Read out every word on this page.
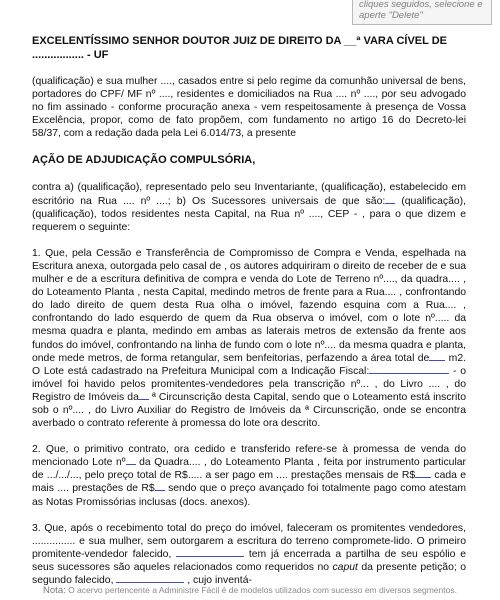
cliques seguidos, selecione e aperte "Delete"
EXCELENTÍSSIMO SENHOR DOUTOR JUIZ DE DIREITO DA __ª VARA CÍVEL DE
................. - UF

(qualificação) e sua mulher ...., casados entre si pelo regime da comunhão universal de bens, portadores do CPF/ MF nº ...., residentes e domiciliados na Rua .... nº ...., por seu advogado no fim assinado - conforme procuração anexa - vem respeitosamente à presença de Vossa Excelência, propor, como de fato propõem, com fundamento no artigo 16 do Decreto-lei 58/37, com a redação dada pela Lei 6.014/73, a presente

AÇÃO DE ADJUDICAÇÃO COMPULSÓRIA,

contra a) (qualificação), representado pelo seu Inventariante, (qualificação), estabelecido em escritório na Rua .... nº ....; b) Os Sucessores universais de que são: (qualificação), (qualificação), todos residentes nesta Capital, na Rua nº ...., CEP - , para o que dizem e requerem o seguinte:

1. Que, pela Cessão e Transferência de Compromisso de Compra e Venda, espelhada na Escritura anexa, outorgada pelo casal de , os autores adquiriram o direito de receber de e sua mulher e de a escritura definitiva de compra e venda do Lote de Terreno nº...., da quadra.... , do Loteamento Planta , nesta Capital, medindo metros de frente para a Rua.... , confrontando do lado direito de quem desta Rua olha o imóvel, fazendo esquina com a Rua.... , confrontando do lado esquerdo de quem da Rua observa o imóvel, com o lote nº..... da mesma quadra e planta, medindo em ambas as laterais metros de extensão da frente aos fundos do imóvel, confrontando na linha de fundo com o lote nº.... da mesma quadra e planta, onde mede metros, de forma retangular, sem benfeitorias, perfazendo a área total de m2. O Lote está cadastrado na Prefeitura Municipal com a Indicação Fiscal:	- o imóvel foi havido pelos promitentes-vendedores pela transcrição nº... , do Livro .... , do Registro de Imóveis da ª Circunscrição desta Capital, sendo que o Loteamento está inscrito sob o nº.... , do Livro Auxiliar do Registro de Imóveis da ª Circunscrição, onde se encontra averbado o contrato referente à promessa do lote ora descrito.

2. Que, o primitivo contrato, ora cedido e transferido refere-se à promessa de venda do mencionado Lote nº da Quadra.... , do Loteamento Planta , feita por instrumento particular de .../.../..., pelo preço total de R$..... a ser pago em .... prestações mensais de R$ cada e mais .... prestações de R$ sendo que o preço avançado foi totalmente pago como atestam as Notas Promissórias inclusas (docs. anexos).

3. Que, após o recebimento total do preço do imóvel, faleceram os promitentes vendedores, ............... e sua mulher, sem outorgarem a escritura do terreno compromete-lido. O primeiro promitente-vendedor falecido,	tem já encerrada a partilha de seu espólio e seus sucessores são aqueles relacionados como requeridos no caput da presente petição; o segundo falecido,	, cujo inventá-

Nota: O acervo pertencente a Administre Fácil é de modelos utilizados com sucesso em diversos segmentos.
